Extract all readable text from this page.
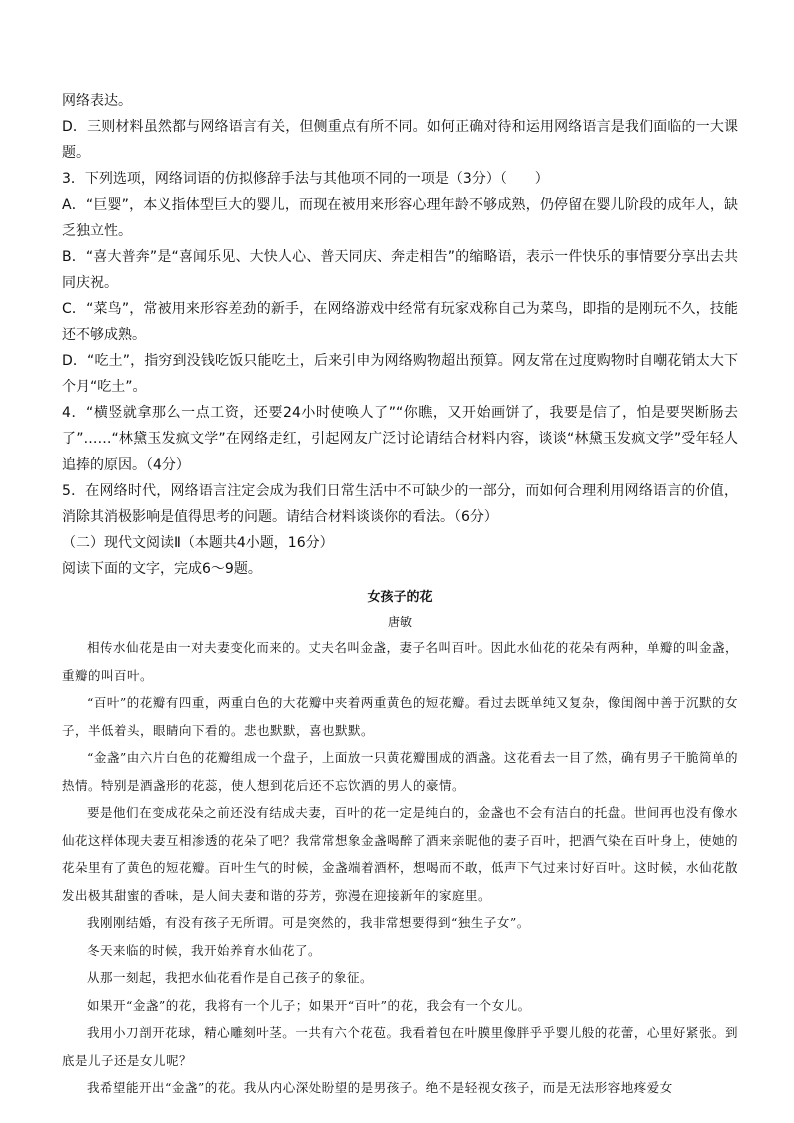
网络表达。

D．三则材料虽然都与网络语言有关，但侧重点有所不同。如何正确对待和运用网络语言是我们面临的一大课题。

3．下列选项，网络词语的仿拟修辞手法与其他项不同的一项是（3分）（　　）

A．“巨婴”，本义指体型巨大的婴儿，而现在被用来形容心理年龄不够成熟，仍停留在婴儿阶段的成年人，缺乏独立性。

B．“喜大普奔”是“喜闻乐见、大快人心、普天同庆、奔走相告”的缩略语，表示一件快乐的事情要分享出去共同庆祝。

C．“菜鸟”，常被用来形容差劲的新手，在网络游戏中经常有玩家戏称自己为菜鸟，即指的是刚玩不久，技能还不够成熟。

D．“吃土”，指穷到没钱吃饭只能吃土，后来引申为网络购物超出预算。网友常在过度购物时自嘲花销太大下个月“吃土”。

4．“横竖就拿那么一点工资，还要24小时使唤人了”“你瞧，又开始画饼了，我要是信了，怕是要哭断肠去了”……“林黛玉发疯文学”在网络走红，引起网友广泛讨论请结合材料内容，谈谈“林黛玉发疯文学”受年轻人追捧的原因。（4分）

5．在网络时代，网络语言注定会成为我们日常生活中不可缺少的一部分，而如何合理利用网络语言的价值，消除其消极影响是值得思考的问题。请结合材料谈谈你的看法。（6分）

（二）现代文阅读Ⅱ（本题共4小题，16分）

阅读下面的文字，完成6～9题。

女孩子的花

唐敏

相传水仙花是由一对夫妻变化而来的。丈夫名叫金盏，妻子名叫百叶。因此水仙花的花朵有两种，单瓣的叫金盏，重瓣的叫百叶。

“百叶”的花瓣有四重，两重白色的大花瓣中夹着两重黄色的短花瓣。看过去既单纯又复杂，像闺阁中善于沉默的女子，半低着头，眼睛向下看的。悲也默默，喜也默默。

“金盏”由六片白色的花瓣组成一个盘子，上面放一只黄花瓣围成的酒盏。这花看去一目了然，确有男子干脆简单的热情。特别是酒盏形的花蕊，使人想到花后还不忘饮酒的男人的豪情。

要是他们在变成花朵之前还没有结成夫妻，百叶的花一定是纯白的，金盏也不会有洁白的托盘。世间再也没有像水仙花这样体现夫妻互相渗透的花朵了吧？我常常想象金盏喝醉了酒来亲昵他的妻子百叶，把酒气染在百叶身上，使她的花朵里有了黄色的短花瓣。百叶生气的时候，金盏端着酒杯，想喝而不敢，低声下气过来讨好百叶。这时候，水仙花散发出极其甜蜜的香味，是人间夫妻和谐的芬芳，弥漫在迎接新年的家庭里。

我刚刚结婚，有没有孩子无所谓。可是突然的，我非常想要得到“独生子女”。

冬天来临的时候，我开始养育水仙花了。

从那一刻起，我把水仙花看作是自己孩子的象征。

如果开“金盏”的花，我将有一个儿子；如果开“百叶”的花，我会有一个女儿。

我用小刀剖开花球，精心雕刻叶茎。一共有六个花苞。我看着包在叶膜里像胖乎乎婴儿般的花蕾，心里好紧张。到底是儿子还是女儿呢？

我希望能开出“金盏”的花。我从内心深处盼望的是男孩子。绝不是轻视女孩子，而是无法形容地疼爱女
